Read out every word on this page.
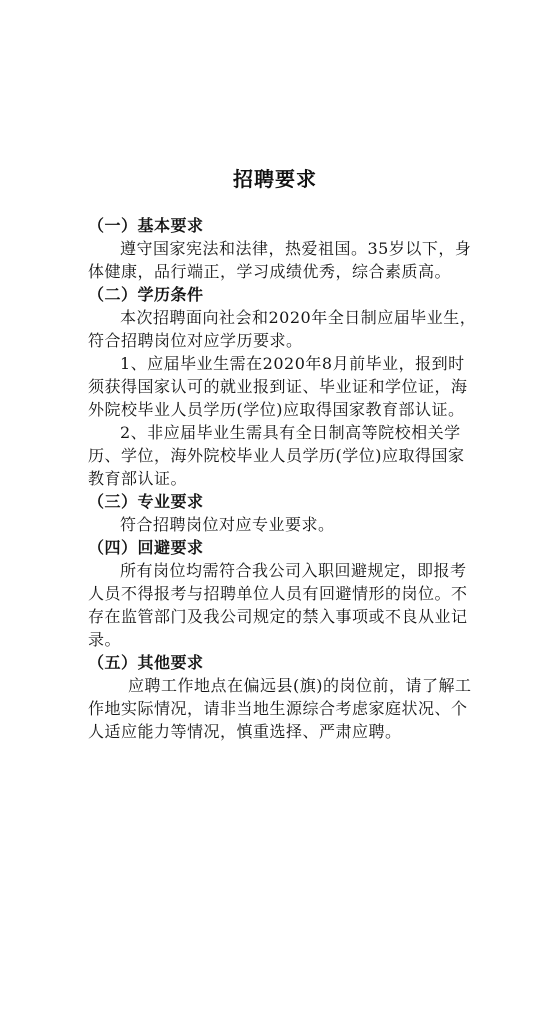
招聘要求

（一）基本要求

遵守国家宪法和法律，热爱祖国。35岁以下，身体健康，品行端正，学习成绩优秀，综合素质高。

（二）学历条件

本次招聘面向社会和2020年全日制应届毕业生，符合招聘岗位对应学历要求。

1、应届毕业生需在2020年8月前毕业，报到时须获得国家认可的就业报到证、毕业证和学位证，海外院校毕业人员学历(学位)应取得国家教育部认证。

2、非应届毕业生需具有全日制高等院校相关学历、学位，海外院校毕业人员学历(学位)应取得国家教育部认证。

（三）专业要求

符合招聘岗位对应专业要求。

（四）回避要求

所有岗位均需符合我公司入职回避规定，即报考人员不得报考与招聘单位人员有回避情形的岗位。不存在监管部门及我公司规定的禁入事项或不良从业记录。

（五）其他要求

应聘工作地点在偏远县(旗)的岗位前，请了解工作地实际情况，请非当地生源综合考虑家庭状况、个人适应能力等情况，慎重选择、严肃应聘。
